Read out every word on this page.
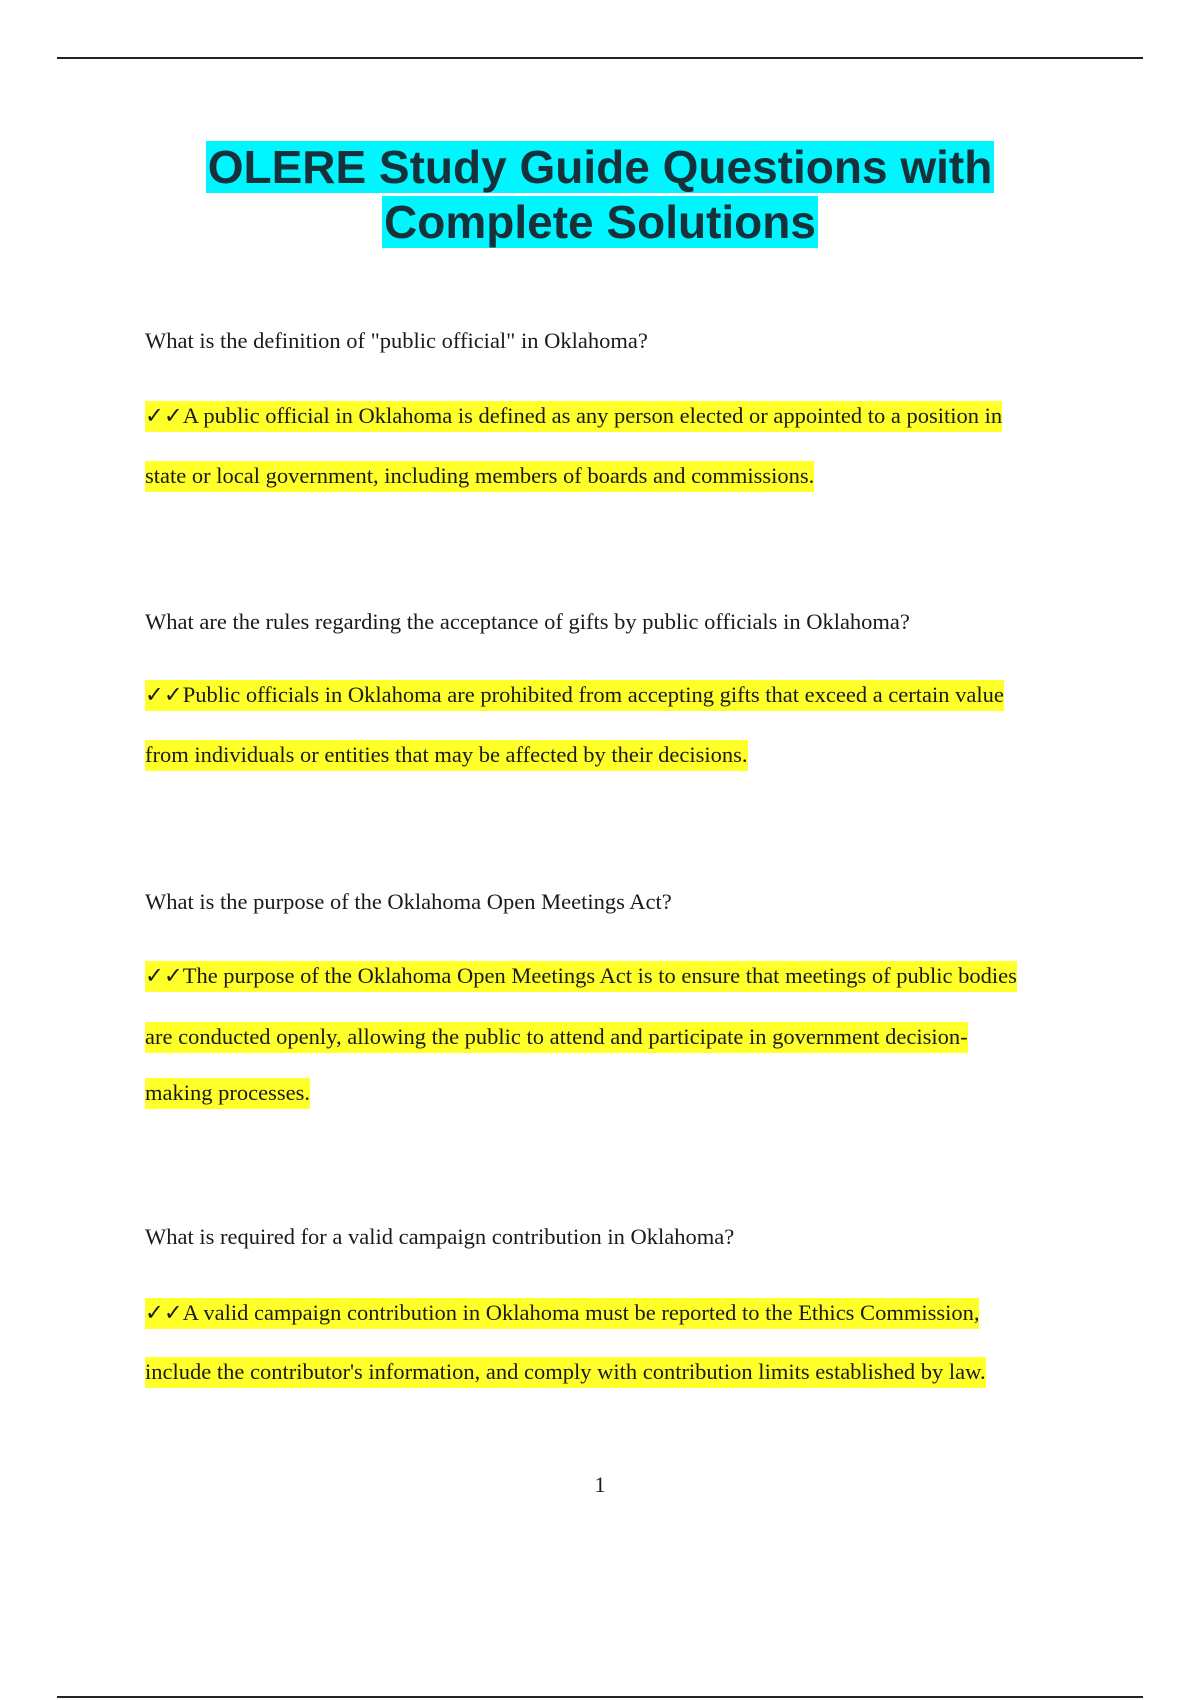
OLERE Study Guide Questions with
Complete Solutions
What is the definition of "public official" in Oklahoma?
✓✓A public official in Oklahoma is defined as any person elected or appointed to a position in
state or local government, including members of boards and commissions.
What are the rules regarding the acceptance of gifts by public officials in Oklahoma?
✓✓Public officials in Oklahoma are prohibited from accepting gifts that exceed a certain value
from individuals or entities that may be affected by their decisions.
What is the purpose of the Oklahoma Open Meetings Act?
✓✓The purpose of the Oklahoma Open Meetings Act is to ensure that meetings of public bodies
are conducted openly, allowing the public to attend and participate in government decision-
making processes.
What is required for a valid campaign contribution in Oklahoma?
✓✓A valid campaign contribution in Oklahoma must be reported to the Ethics Commission,
include the contributor's information, and comply with contribution limits established by law.
1
